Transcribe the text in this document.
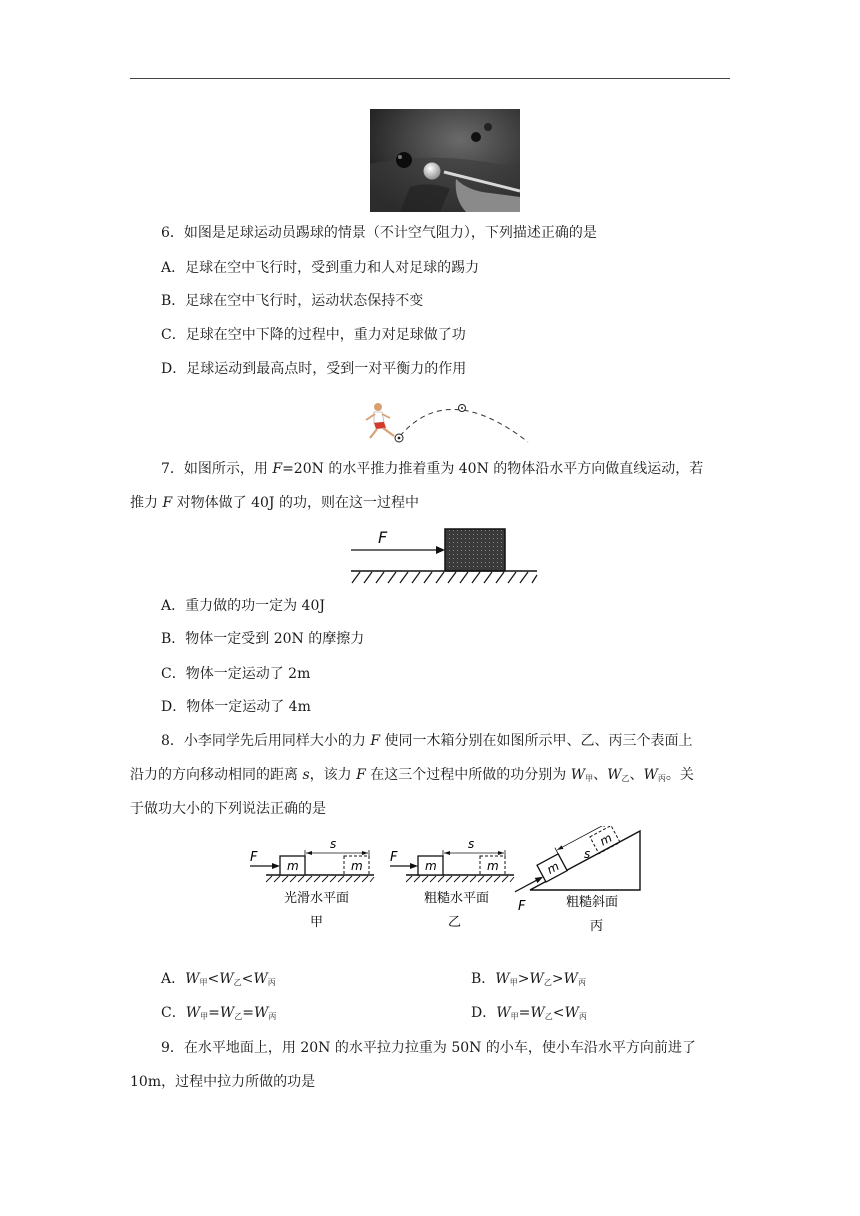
6．如图是足球运动员踢球的情景（不计空气阻力），下列描述正确的是
A．足球在空中飞行时，受到重力和人对足球的踢力
B．足球在空中飞行时，运动状态保持不变
C．足球在空中下降的过程中，重力对足球做了功
D．足球运动到最高点时，受到一对平衡力的作用
7．如图所示，用 F=20N 的水平推力推着重为 40N 的物体沿水平方向做直线运动，若
推力 F 对物体做了 40J 的功，则在这一过程中
F
A．重力做的功一定为 40J
B．物体一定受到 20N 的摩擦力
C．物体一定运动了 2m
D．物体一定运动了 4m
8．小李同学先后用同样大小的力 F 使同一木箱分别在如图所示甲、乙、丙三个表面上
沿力的方向移动相同的距离 s，该力 F 在这三个过程中所做的功分别为 $W_甲$、$W_乙$、$W_丙$。关
于做功大小的下列说法正确的是
m	m
s
F
光滑水平面
甲
m	m
s
F
粗糙水平面
乙
m
m
s
F	粗糙斜面
丙
A．$W_甲<W_乙<W_丙$	B．$W_甲>W_乙>W_丙$
C．$W_甲=W_乙=W_丙$	D．$W_甲=W_乙<W_丙$
9．在水平地面上，用 20N 的水平拉力拉重为 50N 的小车，使小车沿水平方向前进了
10m，过程中拉力所做的功是
